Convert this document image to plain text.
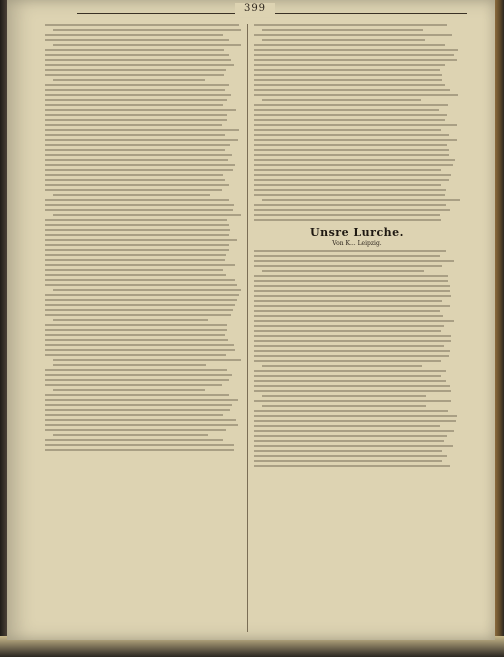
399
Unsre Lurche.
Von K... Leipzig.
